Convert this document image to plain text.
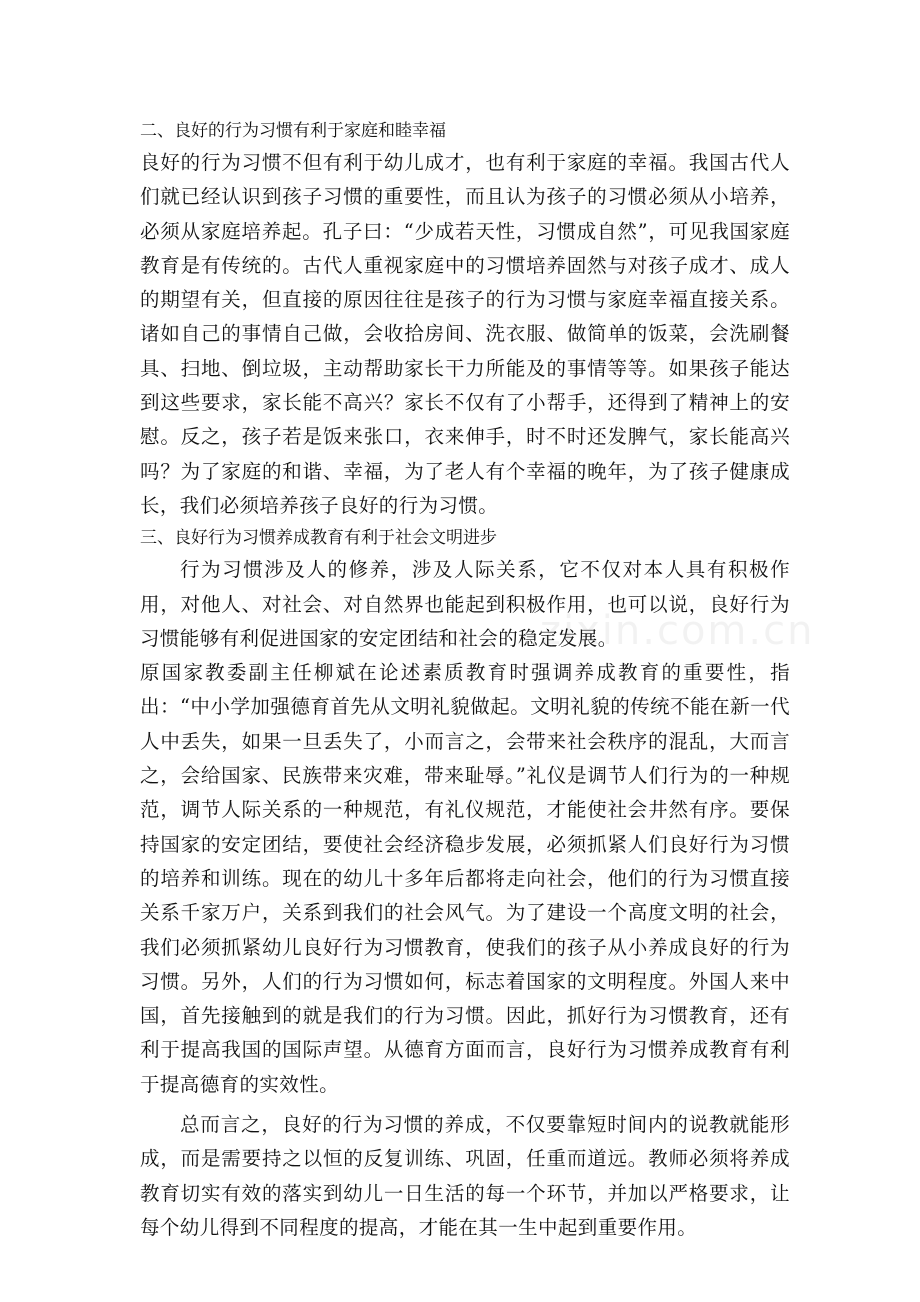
二、良好的行为习惯有利于家庭和睦幸福

良好的行为习惯不但有利于幼儿成才，也有利于家庭的幸福。我国古代人们就已经认识到孩子习惯的重要性，而且认为孩子的习惯必须从小培养，必须从家庭培养起。孔子曰：“少成若天性，习惯成自然”，可见我国家庭教育是有传统的。古代人重视家庭中的习惯培养固然与对孩子成才、成人的期望有关，但直接的原因往往是孩子的行为习惯与家庭幸福直接关系。诸如自己的事情自己做，会收拾房间、洗衣服、做简单的饭菜，会洗刷餐具、扫地、倒垃圾，主动帮助家长干力所能及的事情等等。如果孩子能达到这些要求，家长能不高兴？家长不仅有了小帮手，还得到了精神上的安慰。反之，孩子若是饭来张口，衣来伸手，时不时还发脾气，家长能高兴吗？为了家庭的和谐、幸福，为了老人有个幸福的晚年，为了孩子健康成长，我们必须培养孩子良好的行为习惯。

三、良好行为习惯养成教育有利于社会文明进步

行为习惯涉及人的修养，涉及人际关系，它不仅对本人具有积极作用，对他人、对社会、对自然界也能起到积极作用，也可以说，良好行为习惯能够有利促进国家的安定团结和社会的稳定发展。

原国家教委副主任柳斌在论述素质教育时强调养成教育的重要性，指出：“中小学加强德育首先从文明礼貌做起。文明礼貌的传统不能在新一代人中丢失，如果一旦丢失了，小而言之，会带来社会秩序的混乱，大而言之，会给国家、民族带来灾难，带来耻辱。”礼仪是调节人们行为的一种规范，调节人际关系的一种规范，有礼仪规范，才能使社会井然有序。要保持国家的安定团结，要使社会经济稳步发展，必须抓紧人们良好行为习惯的培养和训练。现在的幼儿十多年后都将走向社会，他们的行为习惯直接关系千家万户，关系到我们的社会风气。为了建设一个高度文明的社会，我们必须抓紧幼儿良好行为习惯教育，使我们的孩子从小养成良好的行为习惯。另外，人们的行为习惯如何，标志着国家的文明程度。外国人来中国，首先接触到的就是我们的行为习惯。因此，抓好行为习惯教育，还有利于提高我国的国际声望。从德育方面而言，良好行为习惯养成教育有利于提高德育的实效性。

总而言之，良好的行为习惯的养成，不仅要靠短时间内的说教就能形成，而是需要持之以恒的反复训练、巩固，任重而道远。教师必须将养成教育切实有效的落实到幼儿一日生活的每一个环节，并加以严格要求，让每个幼儿得到不同程度的提高，才能在其一生中起到重要作用。

zixin.com.cn
